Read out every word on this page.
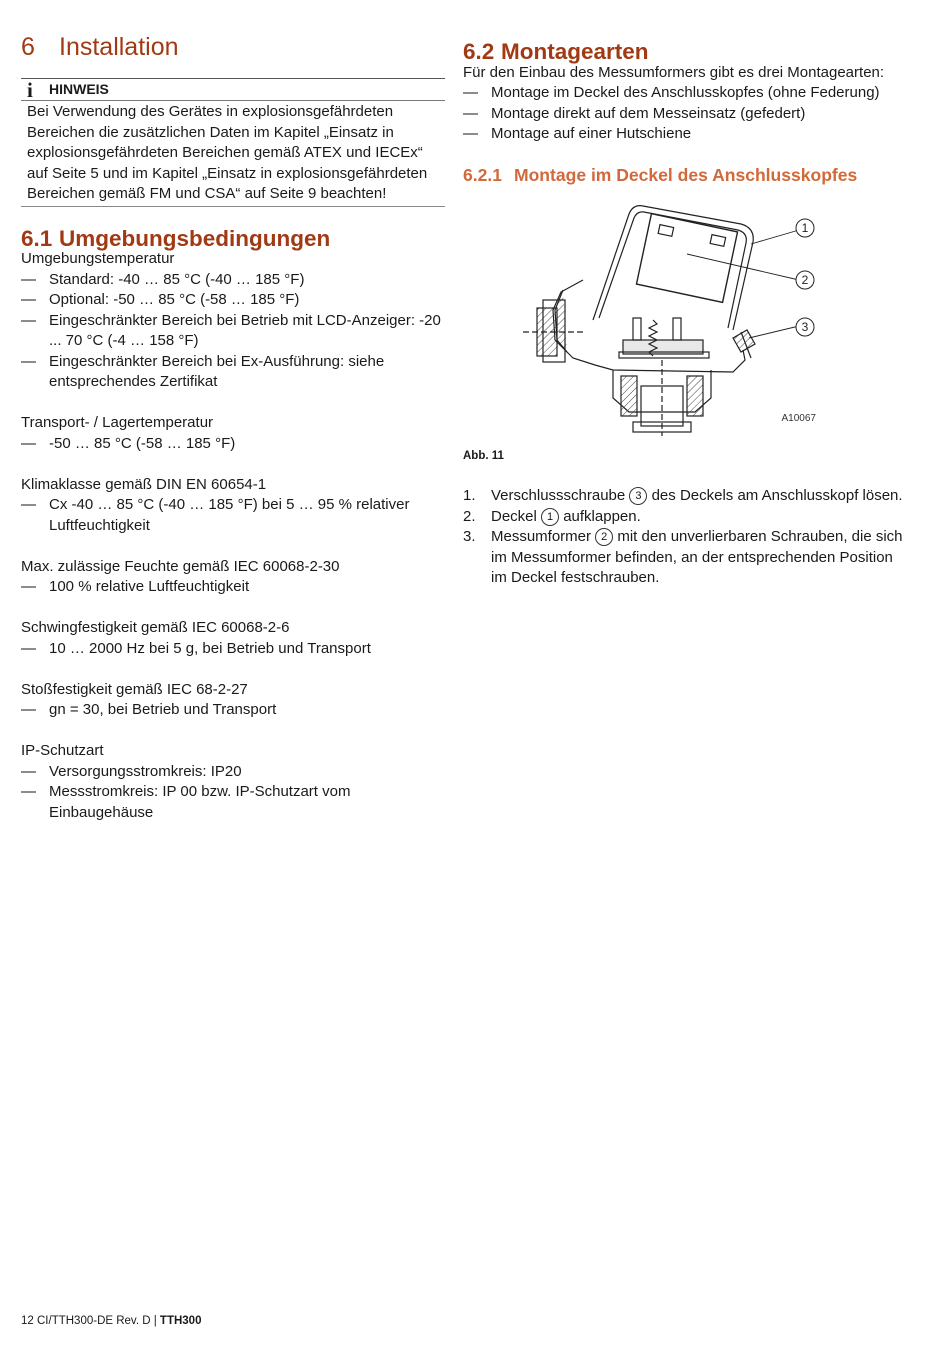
6 Installation
i	HINWEIS
Bei Verwendung des Gerätes in explosionsgefährdeten Bereichen die zusätzlichen Daten im Kapitel „Einsatz in explosionsgefährdeten Bereichen gemäß ATEX und IECEx“ auf Seite 5 und im Kapitel „Einsatz in explosionsgefährdeten Bereichen gemäß FM und CSA“ auf Seite 9 beachten!
6.1 Umgebungsbedingungen

Umgebungstemperatur

— Standard: -40 … 85 °C (-40 … 185 °F)
— Optional: -50 … 85 °C (-58 … 185 °F)
— Eingeschränkter Bereich bei Betrieb mit LCD-Anzeiger: -20 ... 70 °C (-4 … 158 °F)
— Eingeschränkter Bereich bei Ex-Ausführung: siehe entsprechendes Zertifikat

Transport- / Lagertemperatur

— -50 … 85 °C (-58 … 185 °F)

Klimaklasse gemäß DIN EN 60654-1

— Cx -40 … 85 °C (-40 … 185 °F) bei 5 … 95 % relativer Luftfeuchtigkeit

Max. zulässige Feuchte gemäß IEC 60068-2-30

— 100 % relative Luftfeuchtigkeit

Schwingfestigkeit gemäß IEC 60068-2-6

— 10 … 2000 Hz bei 5 g, bei Betrieb und Transport

Stoßfestigkeit gemäß IEC 68-2-27

— gn = 30, bei Betrieb und Transport

IP-Schutzart

— Versorgungsstromkreis: IP20
— Messstromkreis: IP 00 bzw. IP-Schutzart vom Einbaugehäuse
6.2 Montagearten

Für den Einbau des Messumformers gibt es drei Montagearten:

— Montage im Deckel des Anschlusskopfes (ohne Federung)
— Montage direkt auf dem Messeinsatz (gefedert)
— Montage auf einer Hutschiene
6.2.1 Montage im Deckel des Anschlusskopfes
1
2
3
A10067
Abb. 11
1. Verschlussschraube 3 des Deckels am Anschlusskopf lösen.
2. Deckel 1 aufklappen.
3. Messumformer 2 mit den unverlierbaren Schrauben, die sich im Messumformer befinden, an der entsprechenden Position im Deckel festschrauben.
12 CI/TTH300-DE Rev. D | TTH300
